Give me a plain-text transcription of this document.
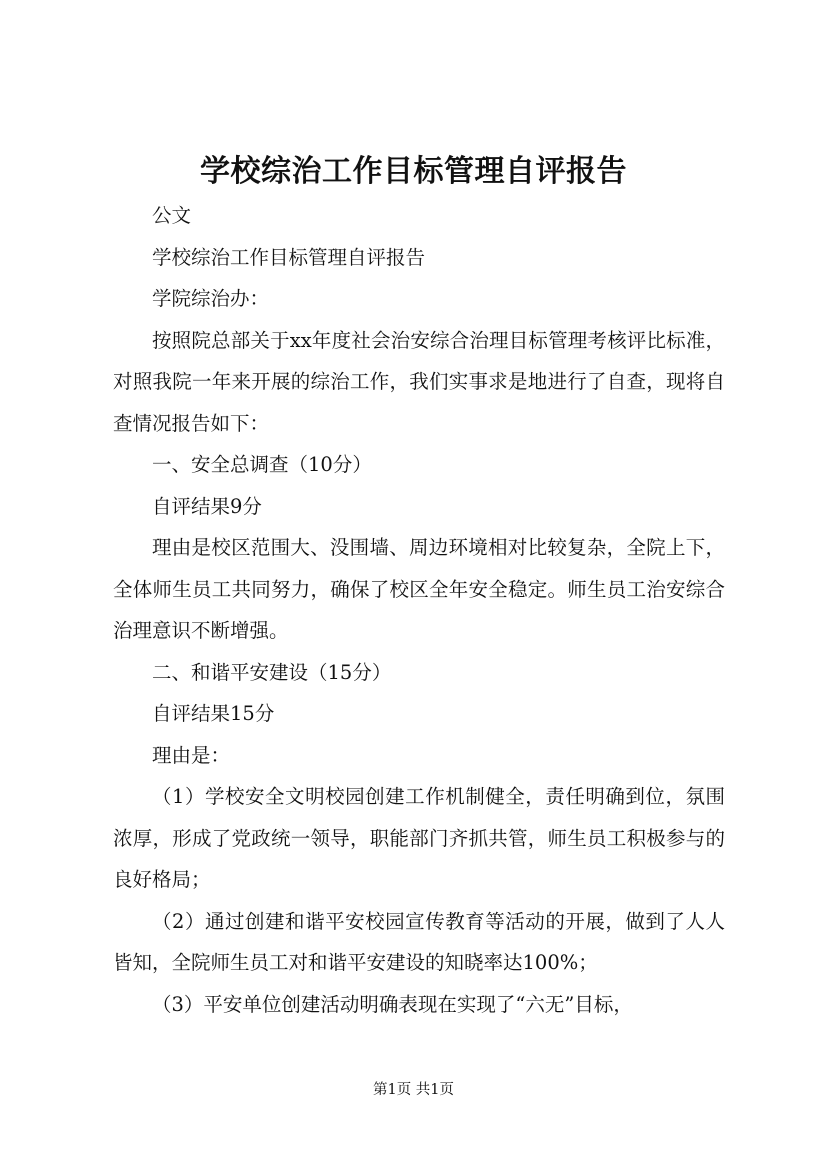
学校综治工作目标管理自评报告

公文

学校综治工作目标管理自评报告

学院综治办：

按照院总部关于xx年度社会治安综合治理目标管理考核评比标准，对照我院一年来开展的综治工作，我们实事求是地进行了自查，现将自查情况报告如下：

一、安全总调查（10分）

自评结果9分

理由是校区范围大、没围墙、周边环境相对比较复杂，全院上下，全体师生员工共同努力，确保了校区全年安全稳定。师生员工治安综合治理意识不断增强。

二、和谐平安建设（15分）

自评结果15分

理由是：

（1）学校安全文明校园创建工作机制健全，责任明确到位，氛围浓厚，形成了党政统一领导，职能部门齐抓共管，师生员工积极参与的良好格局；

（2）通过创建和谐平安校园宣传教育等活动的开展，做到了人人皆知，全院师生员工对和谐平安建设的知晓率达100%；

（3）平安单位创建活动明确表现在实现了“六无”目标，

第1页 共1页
